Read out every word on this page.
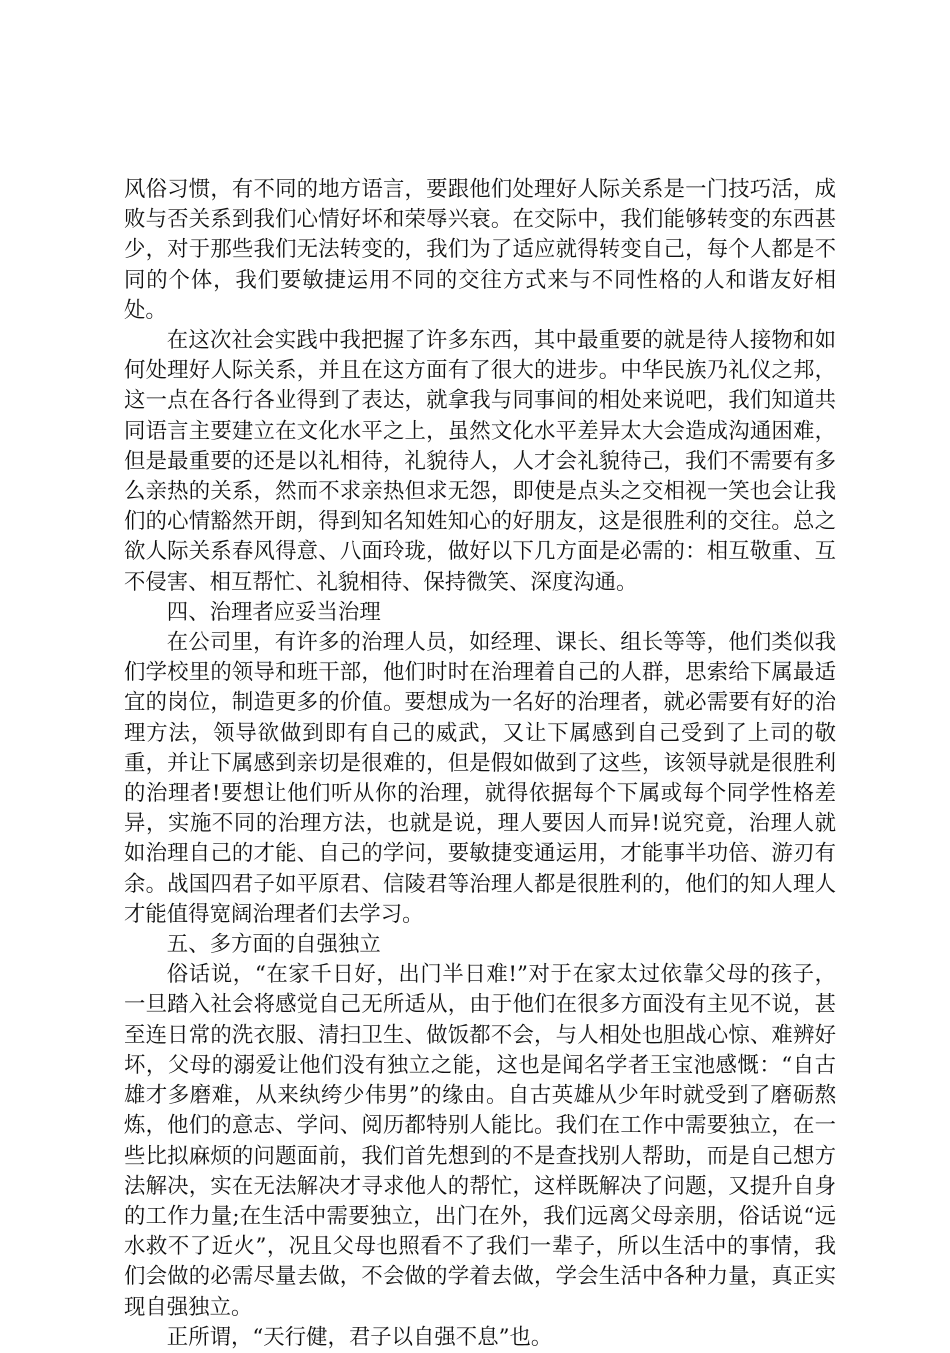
风俗习惯，有不同的地方语言，要跟他们处理好人际关系是一门技巧活，成败与否关系到我们心情好坏和荣辱兴衰。在交际中，我们能够转变的东西甚少，对于那些我们无法转变的，我们为了适应就得转变自己，每个人都是不同的个体，我们要敏捷运用不同的交往方式来与不同性格的人和谐友好相处。

在这次社会实践中我把握了许多东西，其中最重要的就是待人接物和如何处理好人际关系，并且在这方面有了很大的进步。中华民族乃礼仪之邦，这一点在各行各业得到了表达，就拿我与同事间的相处来说吧，我们知道共同语言主要建立在文化水平之上，虽然文化水平差异太大会造成沟通困难，但是最重要的还是以礼相待，礼貌待人，人才会礼貌待己，我们不需要有多么亲热的关系，然而不求亲热但求无怨，即使是点头之交相视一笑也会让我们的心情豁然开朗，得到知名知姓知心的好朋友，这是很胜利的交往。总之欲人际关系春风得意、八面玲珑，做好以下几方面是必需的：相互敬重、互不侵害、相互帮忙、礼貌相待、保持微笑、深度沟通。

四、治理者应妥当治理

在公司里，有许多的治理人员，如经理、课长、组长等等，他们类似我们学校里的领导和班干部，他们时时在治理着自己的人群，思索给下属最适宜的岗位，制造更多的价值。要想成为一名好的治理者，就必需要有好的治理方法，领导欲做到即有自己的威武，又让下属感到自己受到了上司的敬重，并让下属感到亲切是很难的，但是假如做到了这些，该领导就是很胜利的治理者!要想让他们听从你的治理，就得依据每个下属或每个同学性格差异，实施不同的治理方法，也就是说，理人要因人而异!说究竟，治理人就如治理自己的才能、自己的学问，要敏捷变通运用，才能事半功倍、游刃有余。战国四君子如平原君、信陵君等治理人都是很胜利的，他们的知人理人才能值得宽阔治理者们去学习。

五、多方面的自强独立

俗话说，“在家千日好，出门半日难!”对于在家太过依靠父母的孩子，一旦踏入社会将感觉自己无所适从，由于他们在很多方面没有主见不说，甚至连日常的洗衣服、清扫卫生、做饭都不会，与人相处也胆战心惊、难辨好坏，父母的溺爱让他们没有独立之能，这也是闻名学者王宝池感慨：“自古雄才多磨难，从来纨绔少伟男”的缘由。自古英雄从少年时就受到了磨砺熬炼，他们的意志、学问、阅历都特别人能比。我们在工作中需要独立，在一些比拟麻烦的问题面前，我们首先想到的不是查找别人帮助，而是自己想方法解决，实在无法解决才寻求他人的帮忙，这样既解决了问题，又提升自身的工作力量;在生活中需要独立，出门在外，我们远离父母亲朋，俗话说“远水救不了近火”，况且父母也照看不了我们一辈子，所以生活中的事情，我们会做的必需尽量去做，不会做的学着去做，学会生活中各种力量，真正实现自强独立。

正所谓，“天行健，君子以自强不息”也。
